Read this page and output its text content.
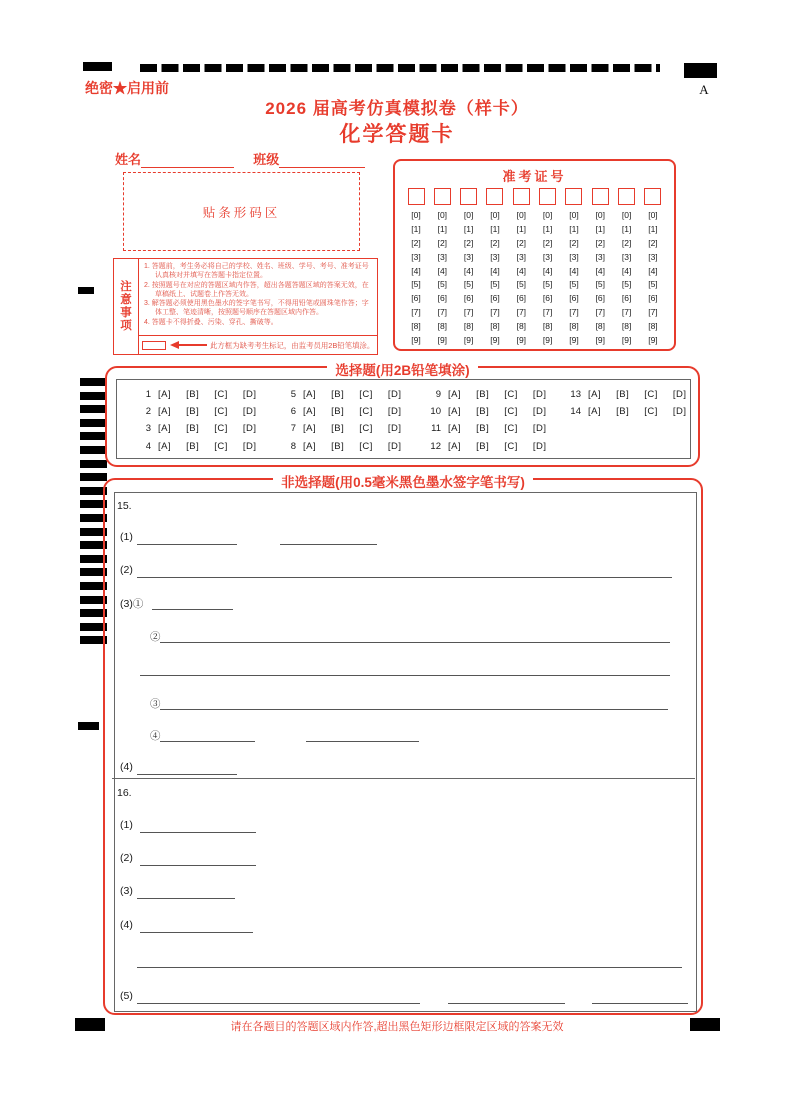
A
绝密★启用前
2026 届高考仿真模拟卷（样卡）
化学答题卡
姓名	班级
贴条形码区
准考证号
[0]
[1]
[2]
[3]
[4]
[5]
[6]
[7]
[8]
[9]
[0]
[1]
[2]
[3]
[4]
[5]
[6]
[7]
[8]
[9]
[0]
[1]
[2]
[3]
[4]
[5]
[6]
[7]
[8]
[9]
[0]
[1]
[2]
[3]
[4]
[5]
[6]
[7]
[8]
[9]
[0]
[1]
[2]
[3]
[4]
[5]
[6]
[7]
[8]
[9]
[0]
[1]
[2]
[3]
[4]
[5]
[6]
[7]
[8]
[9]
[0]
[1]
[2]
[3]
[4]
[5]
[6]
[7]
[8]
[9]
[0]
[1]
[2]
[3]
[4]
[5]
[6]
[7]
[8]
[9]
[0]
[1]
[2]
[3]
[4]
[5]
[6]
[7]
[8]
[9]
[0]
[1]
[2]
[3]
[4]
[5]
[6]
[7]
[8]
[9]
注意事项
1. 答题前，考生务必将自己的学校、姓名、班级、学号、考号、准考证号认真核对并填写在答题卡指定位置。
2. 按照题号在对应的答题区域内作答，超出各题答题区域的答案无效，在草稿纸上、试题卷上作答无效。
3. 解答题必须使用黑色墨水的签字笔书写，不得用铅笔或圆珠笔作答；字体工整、笔迹清晰，按照题号顺序在答题区域内作答。
4. 答题卡不得折叠、污染、穿孔、撕破等。
此方框为缺考考生标记，由监考员用2B铅笔填涂。
选择题(用2B铅笔填涂)
1 [A] [B] [C] [D]
2 [A] [B] [C] [D]
3 [A] [B] [C] [D]
4 [A] [B] [C] [D]
5 [A] [B] [C] [D]
6 [A] [B] [C] [D]
7 [A] [B] [C] [D]
8 [A] [B] [C] [D]
9 [A] [B] [C] [D]
10 [A] [B] [C] [D]
11 [A] [B] [C] [D]
12 [A] [B] [C] [D]
13 [A] [B] [C] [D]
14 [A] [B] [C] [D]
非选择题(用0.5毫米黑色墨水签字笔书写)
15.
(1)
(2)
(3)①
②
③
④
(4)
16.
(1)
(2)
(3)
(4)
(5)
请在各题目的答题区域内作答,超出黑色矩形边框限定区域的答案无效
